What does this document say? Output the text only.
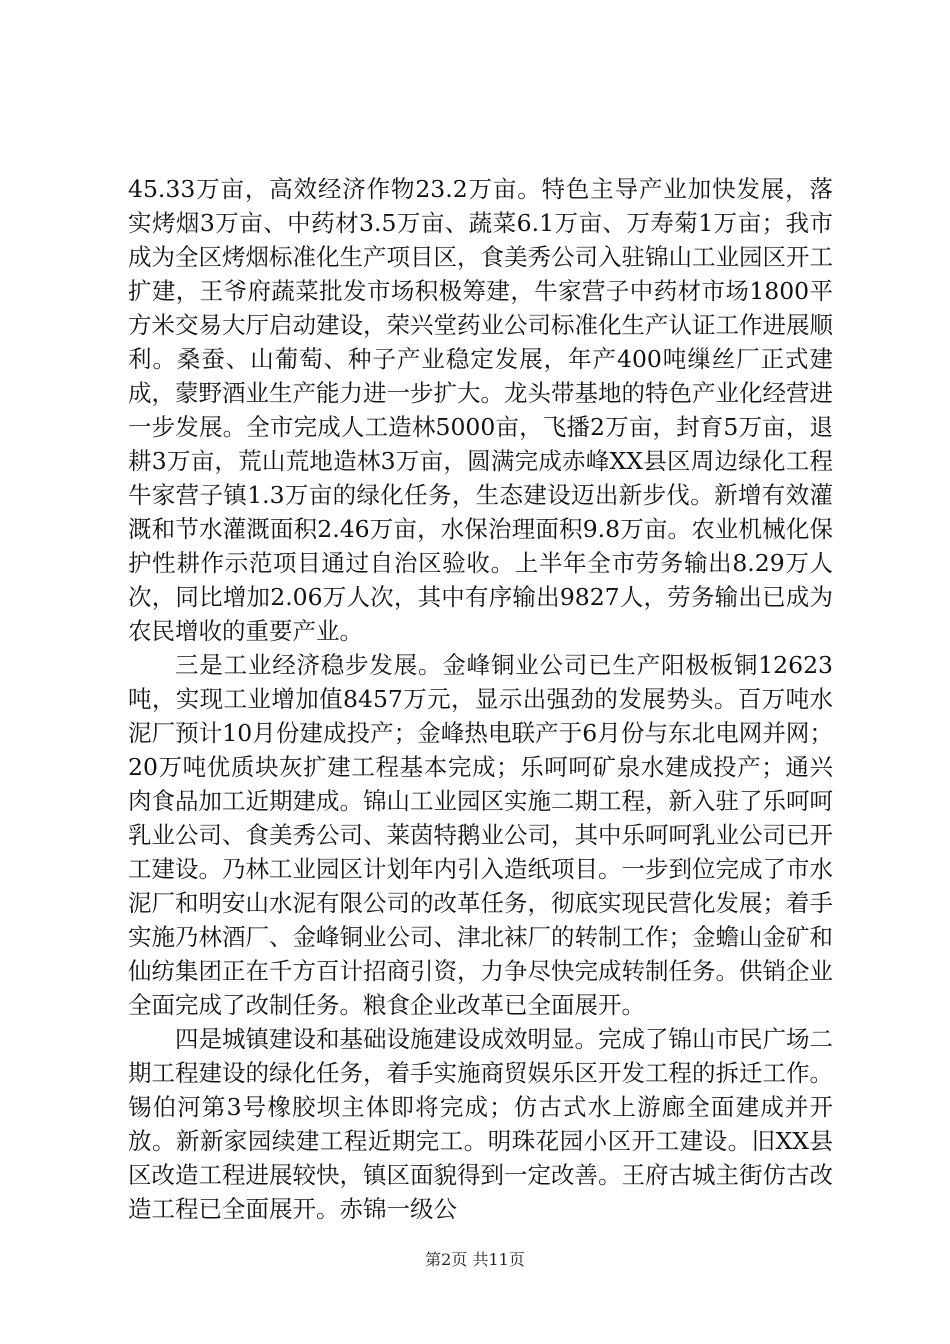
45.33万亩，高效经济作物23.2万亩。特色主导产业加快发展，落实烤烟3万亩、中药材3.5万亩、蔬菜6.1万亩、万寿菊1万亩；我市成为全区烤烟标准化生产项目区，食美秀公司入驻锦山工业园区开工扩建，王爷府蔬菜批发市场积极筹建，牛家营子中药材市场1800平方米交易大厅启动建设，荣兴堂药业公司标准化生产认证工作进展顺利。桑蚕、山葡萄、种子产业稳定发展，年产400吨缫丝厂正式建成，蒙野酒业生产能力进一步扩大。龙头带基地的特色产业化经营进一步发展。全市完成人工造林5000亩，飞播2万亩，封育5万亩，退耕3万亩，荒山荒地造林3万亩，圆满完成赤峰XX县区周边绿化工程牛家营子镇1.3万亩的绿化任务，生态建设迈出新步伐。新增有效灌溉和节水灌溉面积2.46万亩，水保治理面积9.8万亩。农业机械化保护性耕作示范项目通过自治区验收。上半年全市劳务输出8.29万人次，同比增加2.06万人次，其中有序输出9827人，劳务输出已成为农民增收的重要产业。

三是工业经济稳步发展。金峰铜业公司已生产阳极板铜12623吨，实现工业增加值8457万元，显示出强劲的发展势头。百万吨水泥厂预计10月份建成投产；金峰热电联产于6月份与东北电网并网；20万吨优质块灰扩建工程基本完成；乐呵呵矿泉水建成投产；通兴肉食品加工近期建成。锦山工业园区实施二期工程，新入驻了乐呵呵乳业公司、食美秀公司、莱茵特鹅业公司，其中乐呵呵乳业公司已开工建设。乃林工业园区计划年内引入造纸项目。一步到位完成了市水泥厂和明安山水泥有限公司的改革任务，彻底实现民营化发展；着手实施乃林酒厂、金峰铜业公司、津北袜厂的转制工作；金蟾山金矿和仙纺集团正在千方百计招商引资，力争尽快完成转制任务。供销企业全面完成了改制任务。粮食企业改革已全面展开。

四是城镇建设和基础设施建设成效明显。完成了锦山市民广场二期工程建设的绿化任务，着手实施商贸娱乐区开发工程的拆迁工作。锡伯河第3号橡胶坝主体即将完成；仿古式水上游廊全面建成并开放。新新家园续建工程近期完工。明珠花园小区开工建设。旧XX县区改造工程进展较快，镇区面貌得到一定改善。王府古城主街仿古改造工程已全面展开。赤锦一级公

第2页 共11页
